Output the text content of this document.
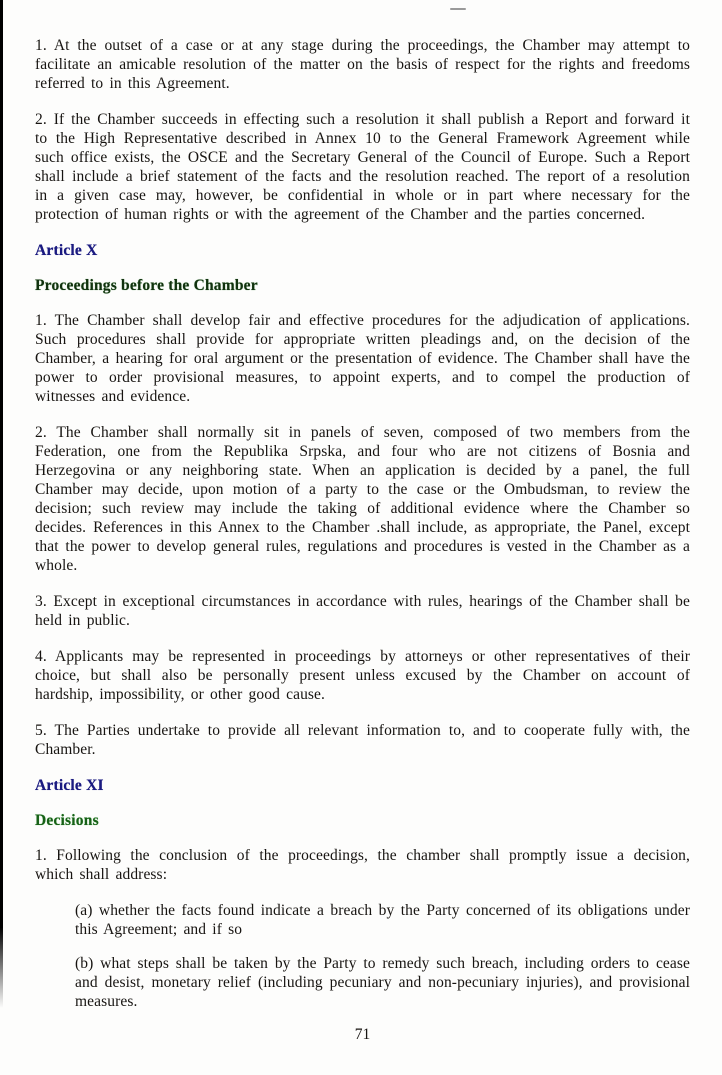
1. At the outset of a case or at any stage during the proceedings, the Chamber may attempt to facilitate an amicable resolution of the matter on the basis of respect for the rights and freedoms referred to in this Agreement.

2. If the Chamber succeeds in effecting such a resolution it shall publish a Report and forward it to the High Representative described in Annex 10 to the General Framework Agreement while such office exists, the OSCE and the Secretary General of the Council of Europe. Such a Report shall include a brief statement of the facts and the resolution reached. The report of a resolution in a given case may, however, be confidential in whole or in part where necessary for the protection of human rights or with the agreement of the Chamber and the parties concerned.

Article X
Proceedings before the Chamber

1. The Chamber shall develop fair and effective procedures for the adjudication of applications. Such procedures shall provide for appropriate written pleadings and, on the decision of the Chamber, a hearing for oral argument or the presentation of evidence. The Chamber shall have the power to order provisional measures, to appoint experts, and to compel the production of witnesses and evidence.

2. The Chamber shall normally sit in panels of seven, composed of two members from the Federation, one from the Republika Srpska, and four who are not citizens of Bosnia and Herzegovina or any neighboring state. When an application is decided by a panel, the full Chamber may decide, upon motion of a party to the case or the Ombudsman, to review the decision; such review may include the taking of additional evidence where the Chamber so decides. References in this Annex to the Chamber .shall include, as appropriate, the Panel, except that the power to develop general rules, regulations and procedures is vested in the Chamber as a whole.

3. Except in exceptional circumstances in accordance with rules, hearings of the Chamber shall be held in public.

4. Applicants may be represented in proceedings by attorneys or other representatives of their choice, but shall also be personally present unless excused by the Chamber on account of hardship, impossibility, or other good cause.

5. The Parties undertake to provide all relevant information to, and to cooperate fully with, the Chamber.

Article XI
Decisions

1. Following the conclusion of the proceedings, the chamber shall promptly issue a decision, which shall address:

(a) whether the facts found indicate a breach by the Party concerned of its obligations under this Agreement; and if so

(b) what steps shall be taken by the Party to remedy such breach, including orders to cease and desist, monetary relief (including pecuniary and non-pecuniary injuries), and provisional measures.

71
